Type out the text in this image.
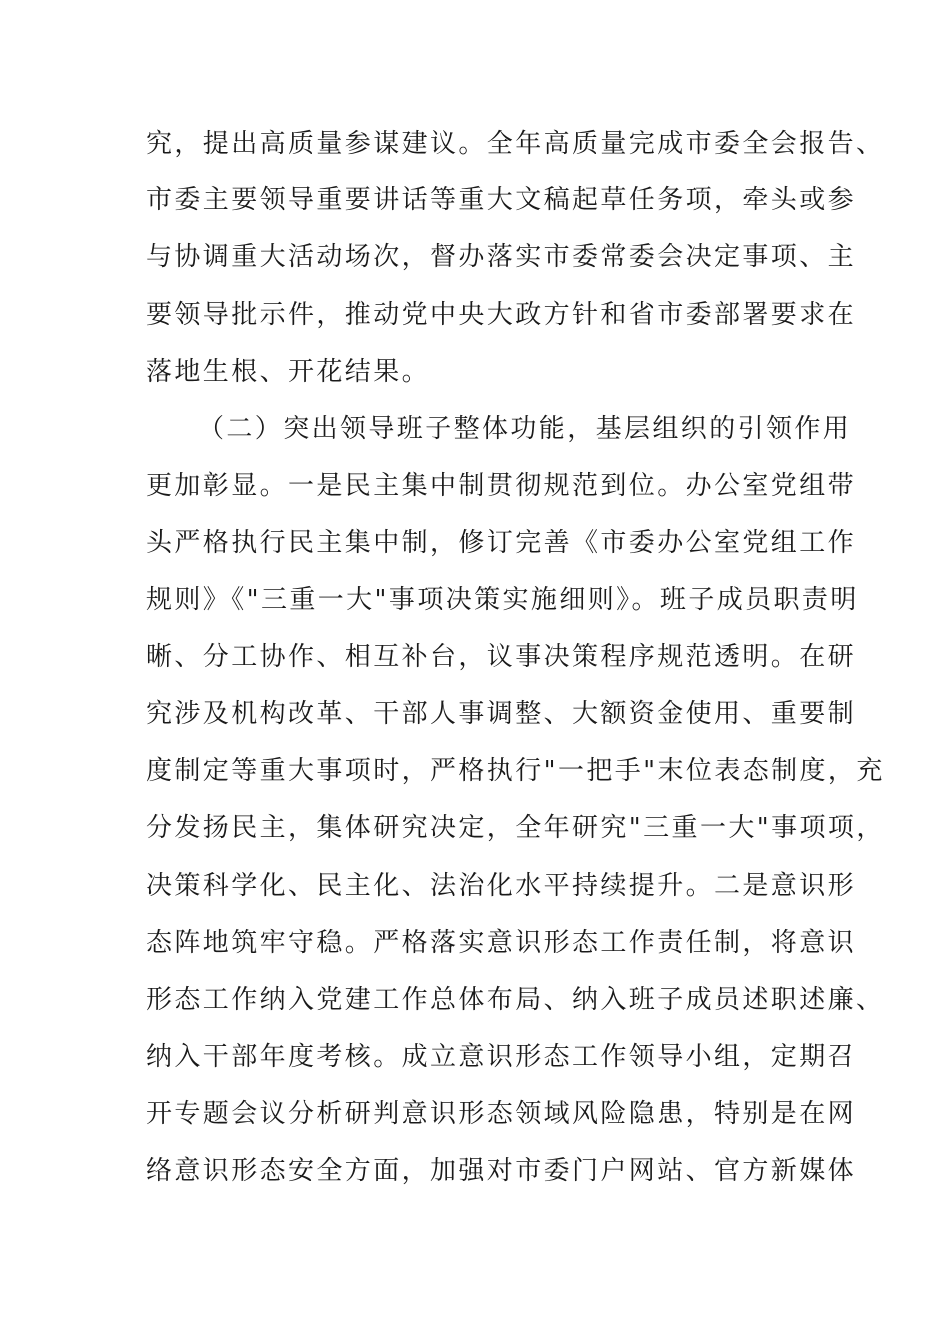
究，提出高质量参谋建议。全年高质量完成市委全会报告、

市委主要领导重要讲话等重大文稿起草任务项，牵头或参

与协调重大活动场次，督办落实市委常委会决定事项、主

要领导批示件，推动党中央大政方针和省市委部署要求在

落地生根、开花结果。

（二）突出领导班子整体功能，基层组织的引领作用

更加彰显。一是民主集中制贯彻规范到位。办公室党组带

头严格执行民主集中制，修订完善《市委办公室党组工作

规则》《"三重一大"事项决策实施细则》。班子成员职责明

晰、分工协作、相互补台，议事决策程序规范透明。在研

究涉及机构改革、干部人事调整、大额资金使用、重要制

度制定等重大事项时，严格执行"一把手"末位表态制度，充

分发扬民主，集体研究决定，全年研究"三重一大"事项项，

决策科学化、民主化、法治化水平持续提升。二是意识形

态阵地筑牢守稳。严格落实意识形态工作责任制，将意识

形态工作纳入党建工作总体布局、纳入班子成员述职述廉、

纳入干部年度考核。成立意识形态工作领导小组，定期召

开专题会议分析研判意识形态领域风险隐患，特别是在网

络意识形态安全方面，加强对市委门户网站、官方新媒体
